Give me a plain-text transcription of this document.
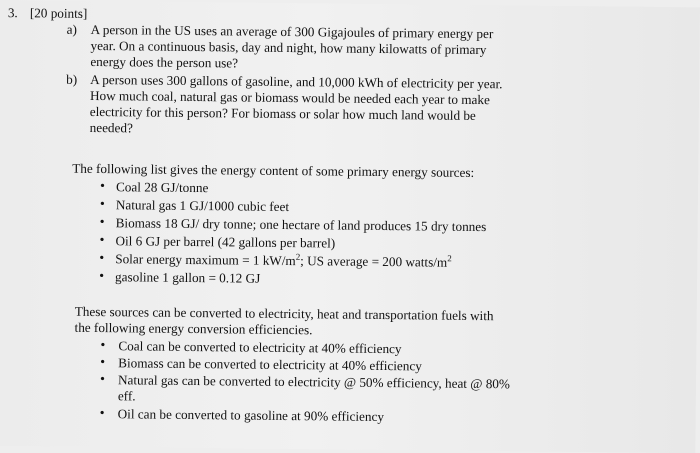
3. [20 points]
a) A person in the US uses an average of 300 Gigajoules of primary energy per
year. On a continuous basis, day and night, how many kilowatts of primary
energy does the person use?
b) A person uses 300 gallons of gasoline, and 10,000 kWh of electricity per year.
How much coal, natural gas or biomass would be needed each year to make
electricity for this person? For biomass or solar how much land would be
needed?
The following list gives the energy content of some primary energy sources:
• Coal 28 GJ/tonne
• Natural gas 1 GJ/1000 cubic feet
• Biomass 18 GJ/ dry tonne; one hectare of land produces 15 dry tonnes
• Oil 6 GJ per barrel (42 gallons per barrel)
• Solar energy maximum = 1 $kW/m^2$; US average = 200 watts/$m^2$
• gasoline 1 gallon = 0.12 GJ
These sources can be converted to electricity, heat and transportation fuels with
the following energy conversion efficiencies.
• Coal can be converted to electricity at 40% efficiency
• Biomass can be converted to electricity at 40% efficiency
• Natural gas can be converted to electricity @ 50% efficiency, heat @ 80%
eff.
• Oil can be converted to gasoline at 90% efficiency
